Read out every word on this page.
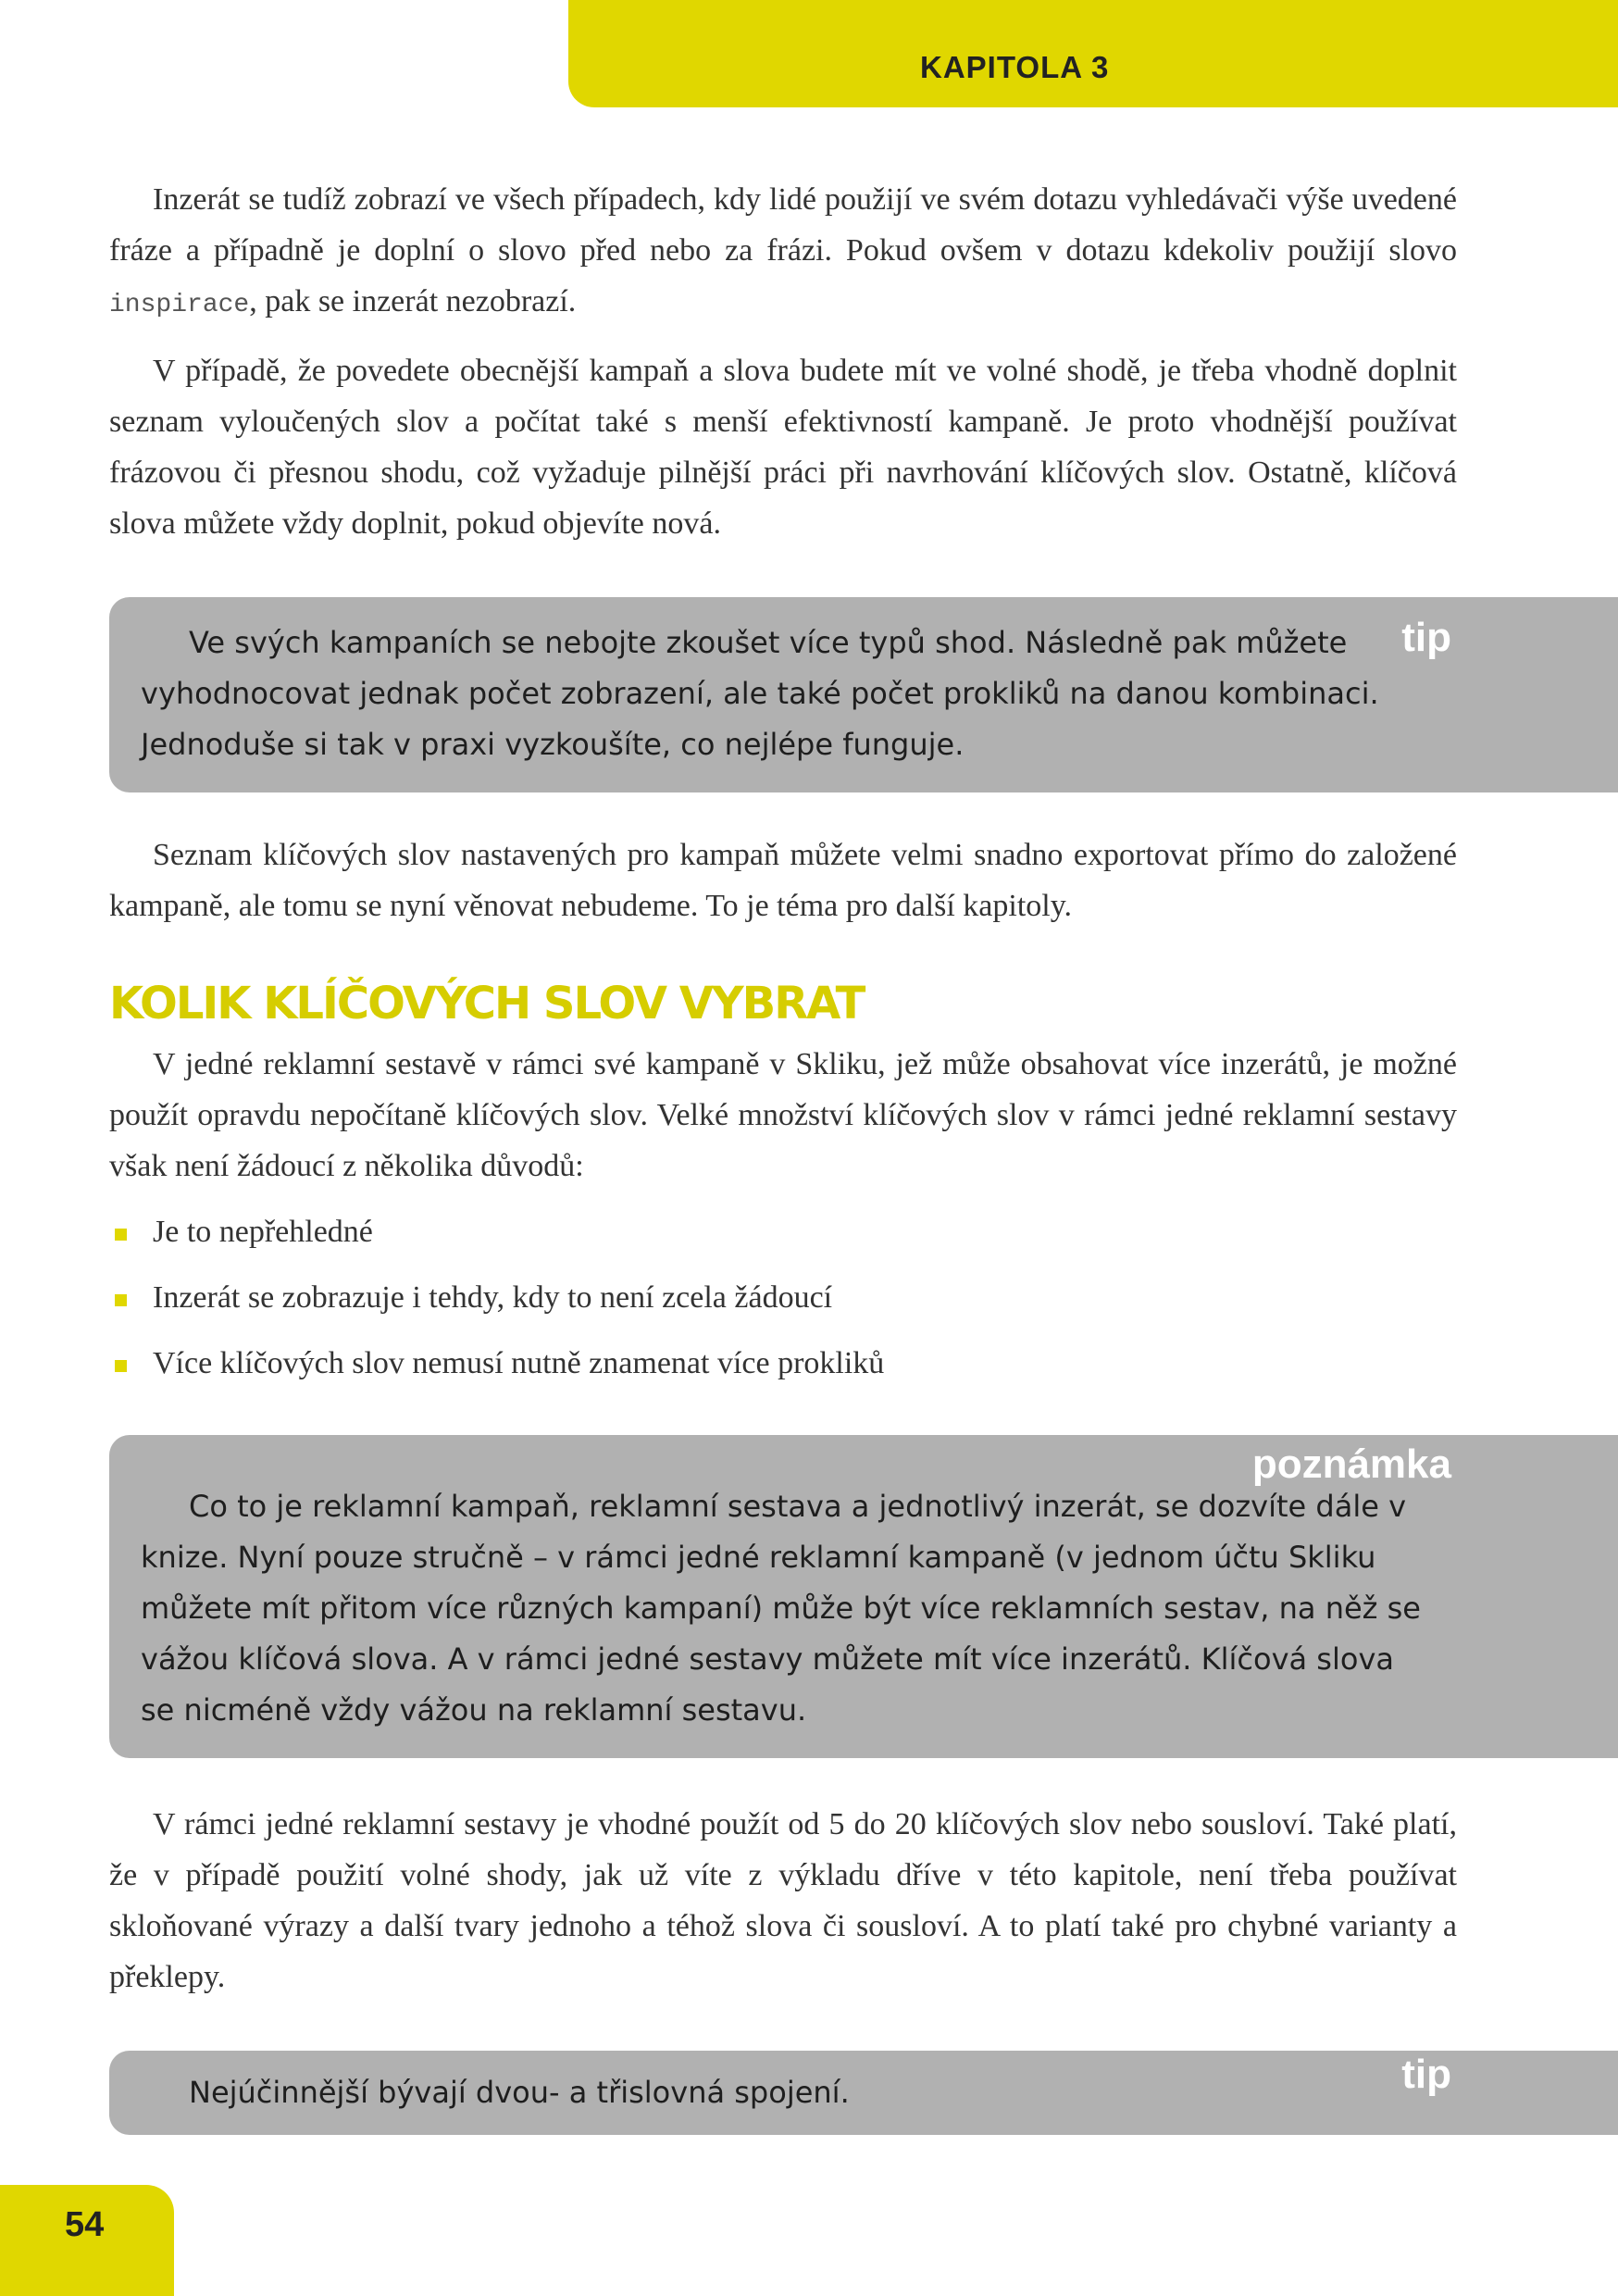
KAPITOLA 3

Inzerát se tudíž zobrazí ve všech případech, kdy lidé použijí ve svém dotazu vyhledávači výše uvedené fráze a případně je doplní o slovo před nebo za frázi. Pokud ovšem v dotazu kdekoliv použijí slovo inspirace, pak se inzerát nezobrazí.

V případě, že povedete obecnější kampaň a slova budete mít ve volné shodě, je třeba vhodně doplnit seznam vyloučených slov a počítat také s menší efektivností kampaně. Je proto vhodnější používat frázovou či přesnou shodu, což vyžaduje pilnější práci při navrhování klíčových slov. Ostatně, klíčová slova můžete vždy doplnit, pokud objevíte nová.

tip

Ve svých kampaních se nebojte zkoušet více typů shod. Následně pak můžete vyhodnocovat jednak počet zobrazení, ale také počet prokliků na danou kombinaci. Jednoduše si tak v praxi vyzkoušíte, co nejlépe funguje.

Seznam klíčových slov nastavených pro kampaň můžete velmi snadno exportovat přímo do založené kampaně, ale tomu se nyní věnovat nebudeme. To je téma pro další kapitoly.

KOLIK KLÍČOVÝCH SLOV VYBRAT

V jedné reklamní sestavě v rámci své kampaně v Skliku, jež může obsahovat více inzerátů, je možné použít opravdu nepočítaně klíčových slov. Velké množství klíčových slov v rámci jedné reklamní sestavy však není žádoucí z několika důvodů:

Je to nepřehledné
Inzerát se zobrazuje i tehdy, kdy to není zcela žádoucí
Více klíčových slov nemusí nutně znamenat více prokliků
poznámka

Co to je reklamní kampaň, reklamní sestava a jednotlivý inzerát, se dozvíte dále v knize. Nyní pouze stručně – v rámci jedné reklamní kampaně (v jednom účtu Skliku můžete mít přitom více různých kampaní) může být více reklamních sestav, na něž se vážou klíčová slova. A v rámci jedné sestavy můžete mít více inzerátů. Klíčová slova se nicméně vždy vážou na reklamní sestavu.

V rámci jedné reklamní sestavy je vhodné použít od 5 do 20 klíčových slov nebo sousloví. Také platí, že v případě použití volné shody, jak už víte z výkladu dříve v této kapitole, není třeba používat skloňované výrazy a další tvary jednoho a téhož slova či sousloví. A to platí také pro chybné varianty a překlepy.

tip

Nejúčinnější bývají dvou- a třislovná spojení.

54
